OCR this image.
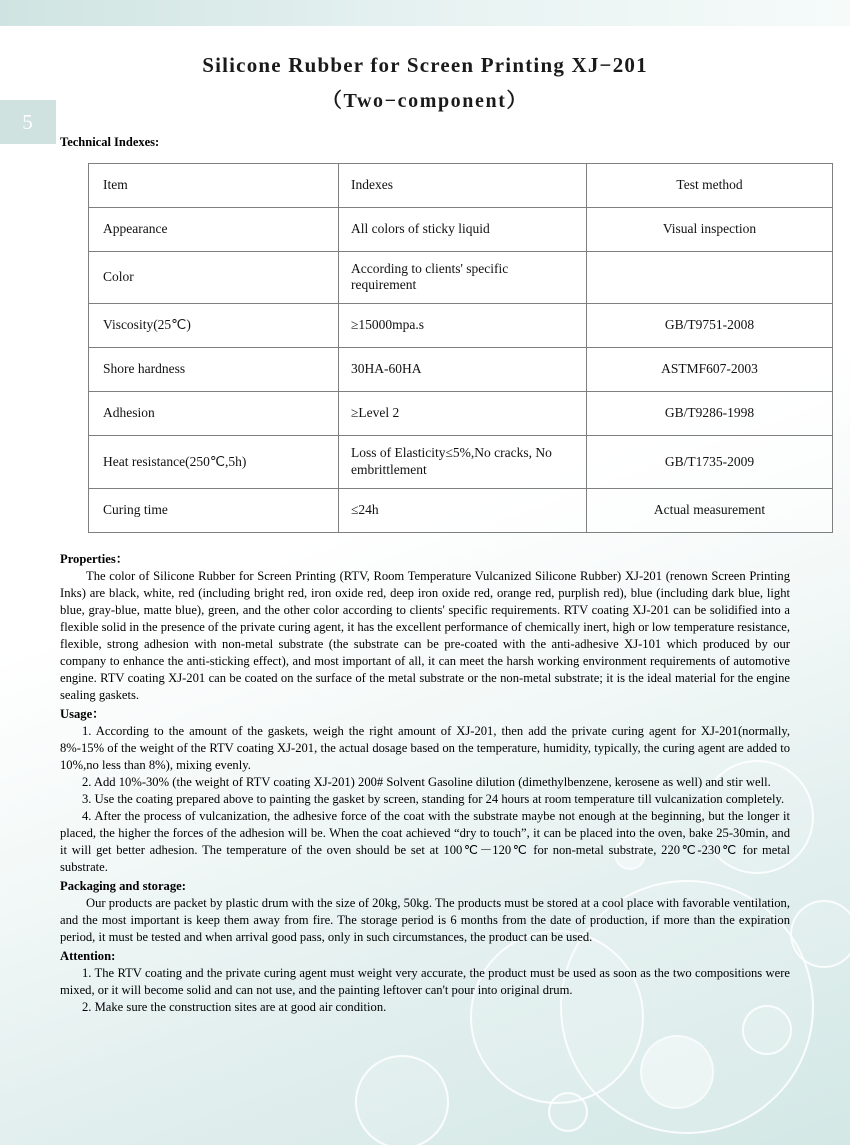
5
Silicone Rubber for Screen Printing XJ−201
（Two−component）
Technical Indexes:
Item	Indexes	Test method
Appearance	All colors of sticky liquid	Visual inspection
Color	According to clients' specific requirement	
Viscosity(25℃)	≥15000mpa.s	GB/T9751-2008
Shore hardness	30HA-60HA	ASTMF607-2003
Adhesion	≥Level 2	GB/T9286-1998
Heat resistance(250℃,5h)	Loss of Elasticity≤5%,No cracks, No embrittlement	GB/T1735-2009
Curing time	≤24h	Actual measurement
Properties：

The color of Silicone Rubber for Screen Printing (RTV, Room Temperature Vulcanized Silicone Rubber) XJ-201 (renown Screen Printing Inks) are black, white, red (including bright red, iron oxide red, deep iron oxide red, orange red, purplish red), blue (including dark blue, light blue, gray-blue, matte blue), green, and the other color according to clients' specific requirements. RTV coating XJ-201 can be solidified into a flexible solid in the presence of the private curing agent, it has the excellent performance of chemically inert, high or low temperature resistance, flexible, strong adhesion with non-metal substrate (the substrate can be pre-coated with the anti-adhesive XJ-101 which produced by our company to enhance the anti-sticking effect), and most important of all, it can meet the harsh working environment requirements of automotive engine. RTV coating XJ-201 can be coated on the surface of the metal substrate or the non-metal substrate; it is the ideal material for the engine sealing gaskets.

Usage：

1. According to the amount of the gaskets, weigh the right amount of XJ-201, then add the private curing agent for XJ-201(normally, 8%-15% of the weight of the RTV coating XJ-201, the actual dosage based on the temperature, humidity, typically, the curing agent are added to 10%,no less than 8%), mixing evenly.

2. Add 10%-30% (the weight of RTV coating XJ-201) 200# Solvent Gasoline dilution (dimethylbenzene, kerosene as well) and stir well.

3. Use the coating prepared above to painting the gasket by screen, standing for 24 hours at room temperature till vulcanization completely.

4. After the process of vulcanization, the adhesive force of the coat with the substrate maybe not enough at the beginning, but the longer it placed, the higher the forces of the adhesion will be. When the coat achieved “dry to touch”, it can be placed into the oven, bake 25-30min, and it will get better adhesion. The temperature of the oven should be set at 100℃－120℃ for non-metal substrate, 220℃-230℃ for metal substrate.

Packaging and storage:

Our products are packet by plastic drum with the size of 20kg, 50kg. The products must be stored at a cool place with favorable ventilation, and the most important is keep them away from fire. The storage period is 6 months from the date of production, if more than the expiration period, it must be tested and when arrival good pass, only in such circumstances, the product can be used.

Attention:

1. The RTV coating and the private curing agent must weight very accurate, the product must be used as soon as the two compositions were mixed, or it will become solid and can not use, and the painting leftover can't pour into original drum.

2. Make sure the construction sites are at good air condition.
